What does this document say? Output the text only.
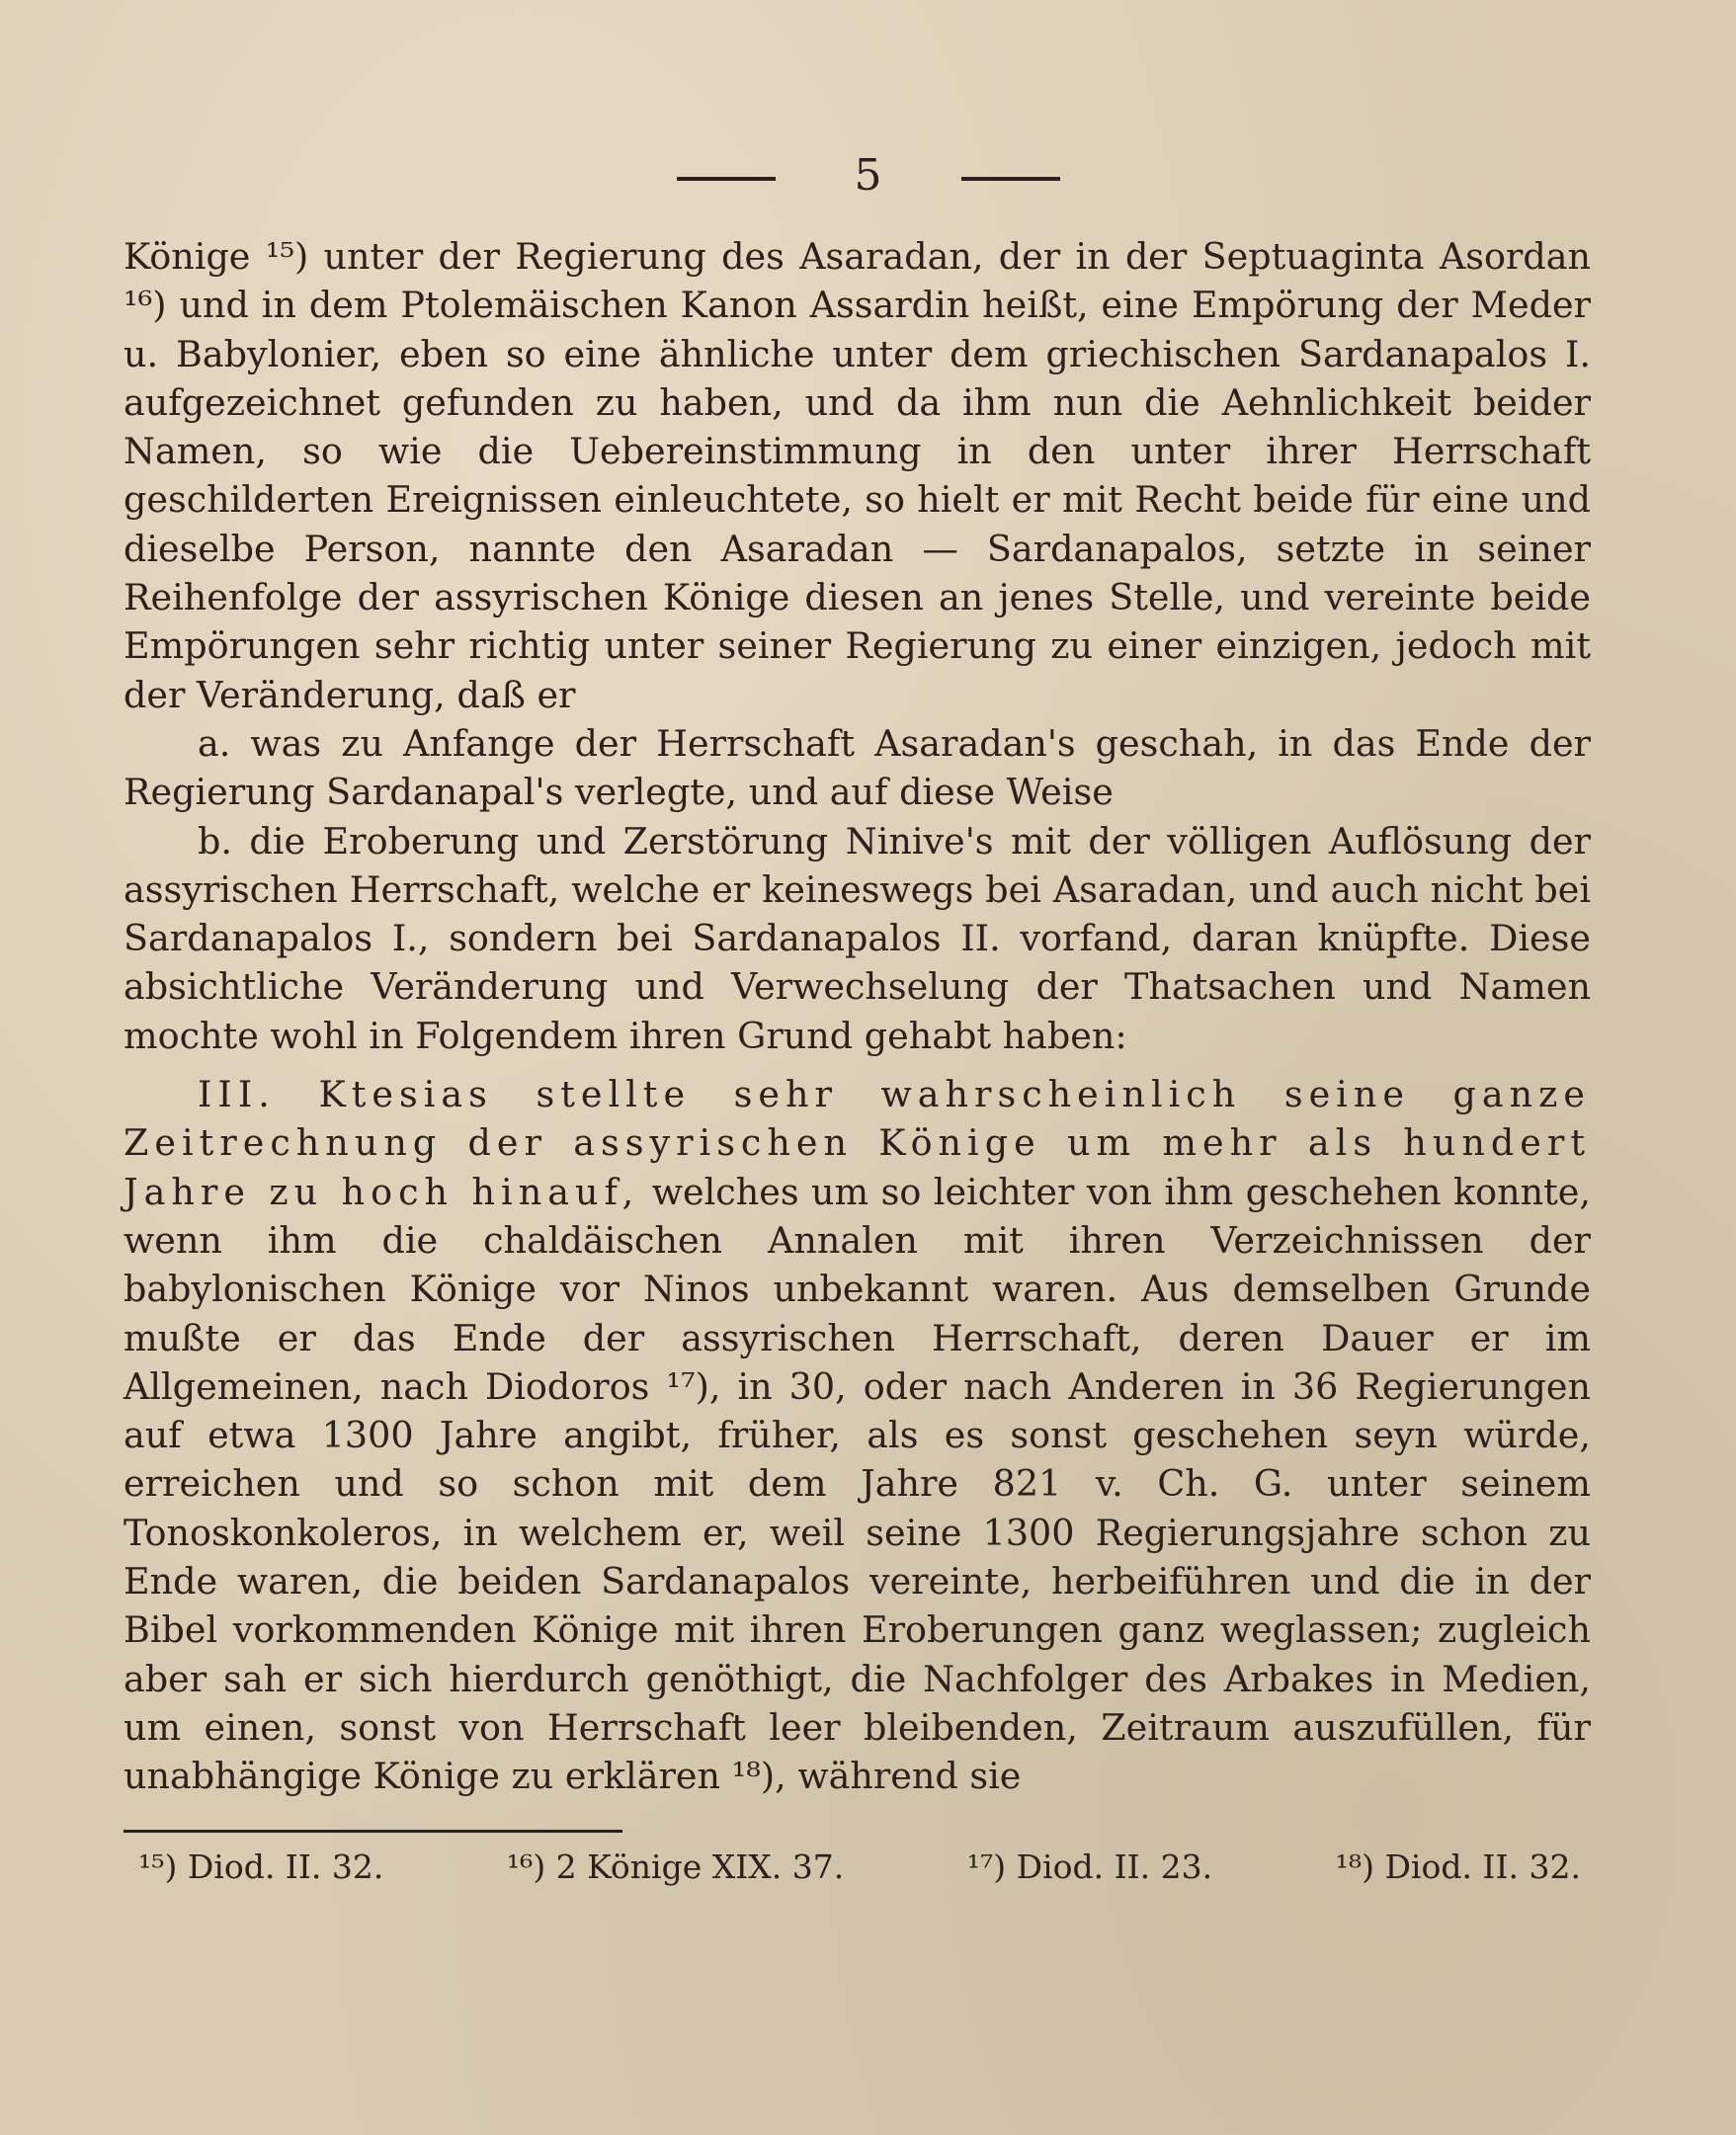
5

Könige ¹⁵) unter der Regierung des Asaradan, der in der Septuaginta Asordan ¹⁶) und in dem Ptolemäischen Kanon Assardin heißt, eine Empörung der Meder u. Babylonier, eben so eine ähnliche unter dem griechischen Sardanapalos I. aufgezeichnet gefunden zu haben, und da ihm nun die Aehnlichkeit beider Namen, so wie die Uebereinstimmung in den unter ihrer Herrschaft geschilderten Ereignissen einleuchtete, so hielt er mit Recht beide für eine und dieselbe Person, nannte den Asaradan — Sardanapalos, setzte in seiner Reihenfolge der assyrischen Könige diesen an jenes Stelle, und vereinte beide Empörungen sehr richtig unter seiner Regierung zu einer einzigen, jedoch mit der Veränderung, daß er

a. was zu Anfange der Herrschaft Asaradan's geschah, in das Ende der Regierung Sardanapal's verlegte, und auf diese Weise

b. die Eroberung und Zerstörung Ninive's mit der völligen Auflösung der assyrischen Herrschaft, welche er keineswegs bei Asaradan, und auch nicht bei Sardanapalos I., sondern bei Sardanapalos II. vorfand, daran knüpfte. Diese absichtliche Veränderung und Verwechselung der Thatsachen und Namen mochte wohl in Folgendem ihren Grund gehabt haben:

III. Ktesias stellte sehr wahrscheinlich seine ganze Zeitrechnung der assyrischen Könige um mehr als hundert Jahre zu hoch hinauf, welches um so leichter von ihm geschehen konnte, wenn ihm die chaldäischen Annalen mit ihren Verzeichnissen der babylonischen Könige vor Ninos unbekannt waren. Aus demselben Grunde mußte er das Ende der assyrischen Herrschaft, deren Dauer er im Allgemeinen, nach Diodoros ¹⁷), in 30, oder nach Anderen in 36 Regierungen auf etwa 1300 Jahre angibt, früher, als es sonst geschehen seyn würde, erreichen und so schon mit dem Jahre 821 v. Ch. G. unter seinem Tonoskonkoleros, in welchem er, weil seine 1300 Regierungsjahre schon zu Ende waren, die beiden Sardanapalos vereinte, herbeiführen und die in der Bibel vorkommenden Könige mit ihren Eroberungen ganz weglassen; zugleich aber sah er sich hierdurch genöthigt, die Nachfolger des Arbakes in Medien, um einen, sonst von Herrschaft leer bleibenden, Zeitraum auszufüllen, für unabhängige Könige zu erklären ¹⁸), während sie

¹⁵) Diod. II. 32.	¹⁶) 2 Könige XIX. 37.	¹⁷) Diod. II. 23.	¹⁸) Diod. II. 32.
